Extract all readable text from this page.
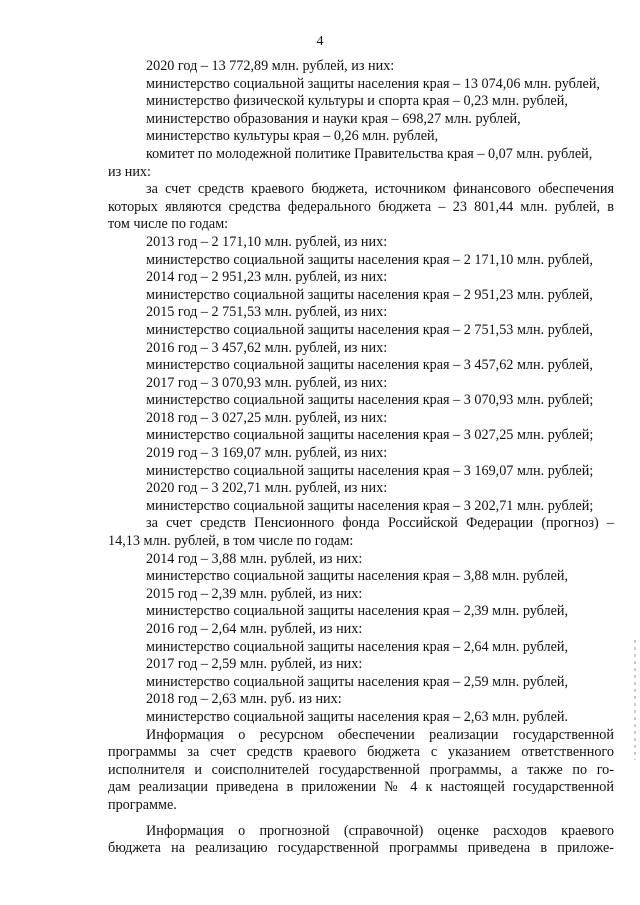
4
2020 год – 13 772,89 млн. рублей, из них:
министерство социальной защиты населения края – 13 074,06 млн. рублей,
министерство физической культуры и спорта края – 0,23 млн. рублей,
министерство образования и науки края – 698,27 млн. рублей,
министерство культуры края – 0,26 млн. рублей,
комитет по молодежной политике Правительства края – 0,07 млн. рублей,
из них:
за счет средств краевого бюджета, источником финансового обеспечения
которых являются средства федерального бюджета – 23 801,44 млн. рублей, в
том числе по годам:
2013 год – 2 171,10 млн. рублей, из них:
министерство социальной защиты населения края – 2 171,10 млн. рублей,
2014 год – 2 951,23 млн. рублей, из них:
министерство социальной защиты населения края – 2 951,23 млн. рублей,
2015 год – 2 751,53 млн. рублей, из них:
министерство социальной защиты населения края – 2 751,53 млн. рублей,
2016 год – 3 457,62 млн. рублей, из них:
министерство социальной защиты населения края – 3 457,62 млн. рублей,
2017 год – 3 070,93 млн. рублей, из них:
министерство социальной защиты населения края – 3 070,93 млн. рублей;
2018 год – 3 027,25 млн. рублей, из них:
министерство социальной защиты населения края – 3 027,25 млн. рублей;
2019 год – 3 169,07 млн. рублей, из них:
министерство социальной защиты населения края – 3 169,07 млн. рублей;
2020 год – 3 202,71 млн. рублей, из них:
министерство социальной защиты населения края – 3 202,71 млн. рублей;
за счет средств Пенсионного фонда Российской Федерации (прогноз) –
14,13 млн. рублей, в том числе по годам:
2014 год – 3,88 млн. рублей, из них:
министерство социальной защиты населения края – 3,88 млн. рублей,
2015 год – 2,39 млн. рублей, из них:
министерство социальной защиты населения края – 2,39 млн. рублей,
2016 год – 2,64 млн. рублей, из них:
министерство социальной защиты населения края – 2,64 млн. рублей,
2017 год – 2,59 млн. рублей, из них:
министерство социальной защиты населения края – 2,59 млн. рублей,
2018 год – 2,63 млн. руб. из них:
министерство социальной защиты населения края – 2,63 млн. рублей.
Информация о ресурсном обеспечении реализации государственной
программы за счет средств краевого бюджета с указанием ответственного
исполнителя и соисполнителей государственной программы, а также по го-
дам реализации приведена в приложении № 4 к настоящей государственной
программе.
Информация о прогнозной (справочной) оценке расходов краевого
бюджета на реализацию государственной программы приведена в приложе-
